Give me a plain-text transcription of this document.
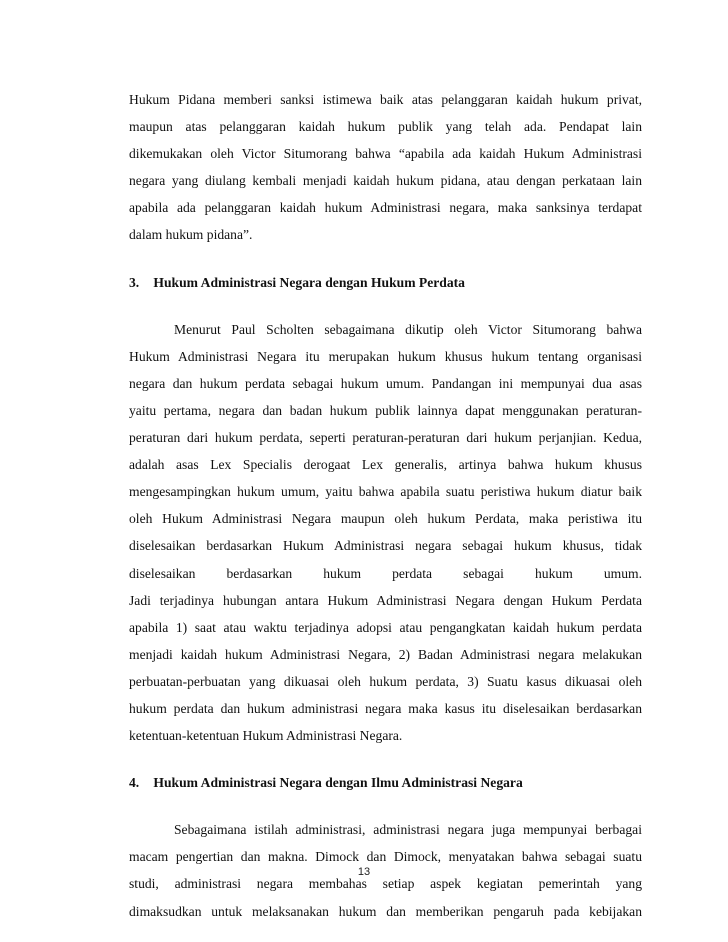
Hukum Pidana memberi sanksi istimewa baik atas pelanggaran kaidah hukum privat,
maupun atas pelanggaran kaidah hukum publik yang telah ada. Pendapat lain
dikemukakan oleh Victor Situmorang bahwa “apabila ada kaidah Hukum Administrasi
negara yang diulang kembali menjadi kaidah hukum pidana, atau dengan perkataan lain
apabila ada pelanggaran kaidah hukum Administrasi negara, maka sanksinya terdapat
dalam hukum pidana”.
3. Hukum Administrasi Negara dengan Hukum Perdata
Menurut Paul Scholten sebagaimana dikutip oleh Victor Situmorang bahwa
Hukum Administrasi Negara itu merupakan hukum khusus hukum tentang organisasi
negara dan hukum perdata sebagai hukum umum. Pandangan ini mempunyai dua asas
yaitu pertama, negara dan badan hukum publik lainnya dapat menggunakan peraturan-
peraturan dari hukum perdata, seperti peraturan-peraturan dari hukum perjanjian. Kedua,
adalah asas Lex Specialis derogaat Lex generalis, artinya bahwa hukum khusus
mengesampingkan hukum umum, yaitu bahwa apabila suatu peristiwa hukum diatur baik
oleh Hukum Administrasi Negara maupun oleh hukum Perdata, maka peristiwa itu
diselesaikan berdasarkan Hukum Administrasi negara sebagai hukum khusus, tidak
diselesaikan berdasarkan hukum perdata sebagai hukum umum.
Jadi terjadinya hubungan antara Hukum Administrasi Negara dengan Hukum Perdata
apabila 1) saat atau waktu terjadinya adopsi atau pengangkatan kaidah hukum perdata
menjadi kaidah hukum Administrasi Negara, 2) Badan Administrasi negara melakukan
perbuatan-perbuatan yang dikuasai oleh hukum perdata, 3) Suatu kasus dikuasai oleh
hukum perdata dan hukum administrasi negara maka kasus itu diselesaikan berdasarkan
ketentuan-ketentuan Hukum Administrasi Negara.
4. Hukum Administrasi Negara dengan Ilmu Administrasi Negara
Sebagaimana istilah administrasi, administrasi negara juga mempunyai berbagai
macam pengertian dan makna. Dimock dan Dimock, menyatakan bahwa sebagai suatu
studi, administrasi negara membahas setiap aspek kegiatan pemerintah yang
dimaksudkan untuk melaksanakan hukum dan memberikan pengaruh pada kebijakan
13
